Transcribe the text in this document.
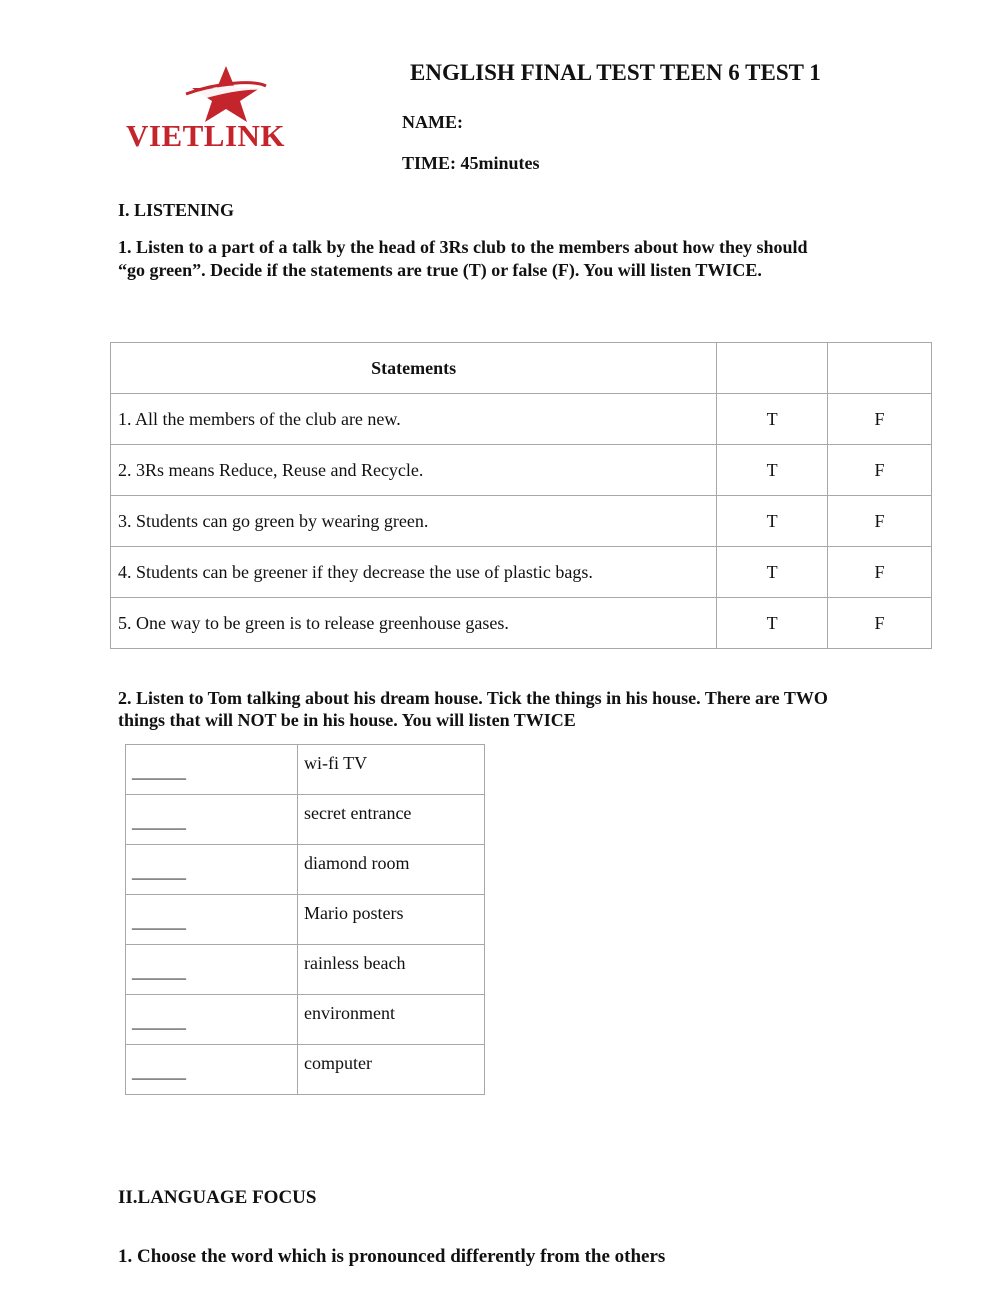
VIETLINK
ENGLISH FINAL TEST TEEN 6 TEST 1
NAME:
TIME: 45minutes
I. LISTENING
1. Listen to a part of a talk by the head of 3Rs club to the members about how they should “go green”. Decide if the statements are true (T) or false (F). You will listen TWICE.
Statements		
1. All the members of the club are new.	T	F
2. 3Rs means Reduce, Reuse and Recycle.	T	F
3. Students can go green by wearing green.	T	F
4. Students can be greener if they decrease the use of plastic bags.	T	F
5. One way to be green is to release greenhouse gases.	T	F
2. Listen to Tom talking about his dream house. Tick the things in his house. There are TWO things that will NOT be in his house. You will listen TWICE
______	wi-fi TV
______	secret entrance
______	diamond room
______	Mario posters
______	rainless beach
______	environment
______	computer
II.LANGUAGE FOCUS
1. Choose the word which is pronounced differently from the others
